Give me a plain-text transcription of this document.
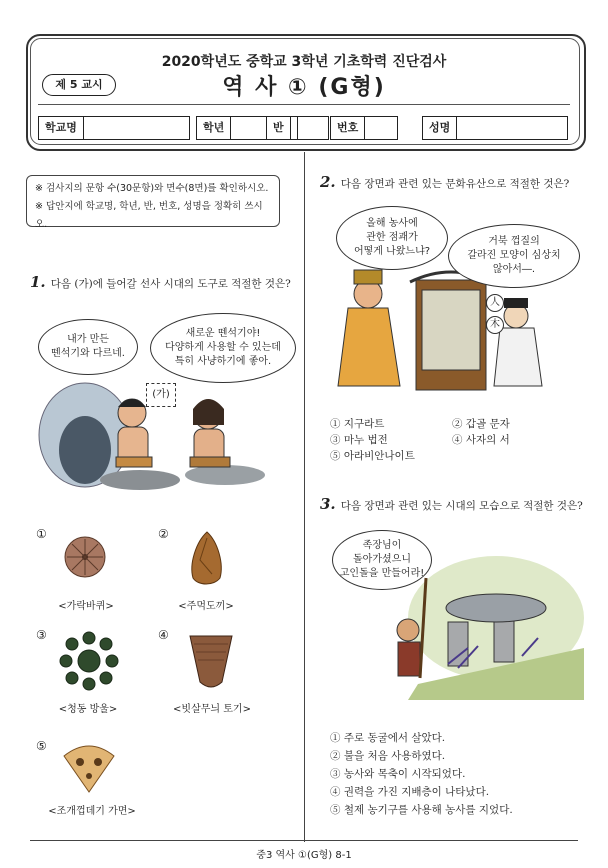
2020학년도 중학교 3학년 기초학력 진단검사
제 5 교시	역 사 ① (G형)
학교명	학년	반	번호	성명
※ 검사지의 문항 수(30문항)와 면수(8면)를 확인하시오.
※ 답안지에 학교명, 학년, 반, 번호, 성명을 정확히 쓰시오.
1. 다음 (가)에 들어갈 선사 시대의 도구로 적절한 것은?
내가 만든
뗀석기와 다르네.
새로운 뗀석기야!
다양하게 사용할 수 있는데
특히 사냥하기에 좋아.
(가)
①
<가락바퀴>
②
<주먹도끼>
③
<청동 방울>
④
<빗살무늬 토기>
⑤
<조개껍데기 가면>
2. 다음 장면과 관련 있는 문화유산으로 적절한 것은?
올해 농사에
관한 점괘가
어떻게 나왔느냐?
거북 껍질의
갈라진 모양이 심상치
않아서―.
人
木
① 지구라트	② 갑골 문자
③ 마누 법전	④ 사자의 서
⑤ 아라비안나이트
3. 다음 장면과 관련 있는 시대의 모습으로 적절한 것은?
족장님이
돌아가셨으니
고인돌을 만들어라!
① 주로 동굴에서 살았다.
② 불을 처음 사용하였다.
③ 농사와 목축이 시작되었다.
④ 권력을 가진 지배층이 나타났다.
⑤ 철제 농기구를 사용해 농사를 지었다.
중3 역사 ①(G형) 8-1
